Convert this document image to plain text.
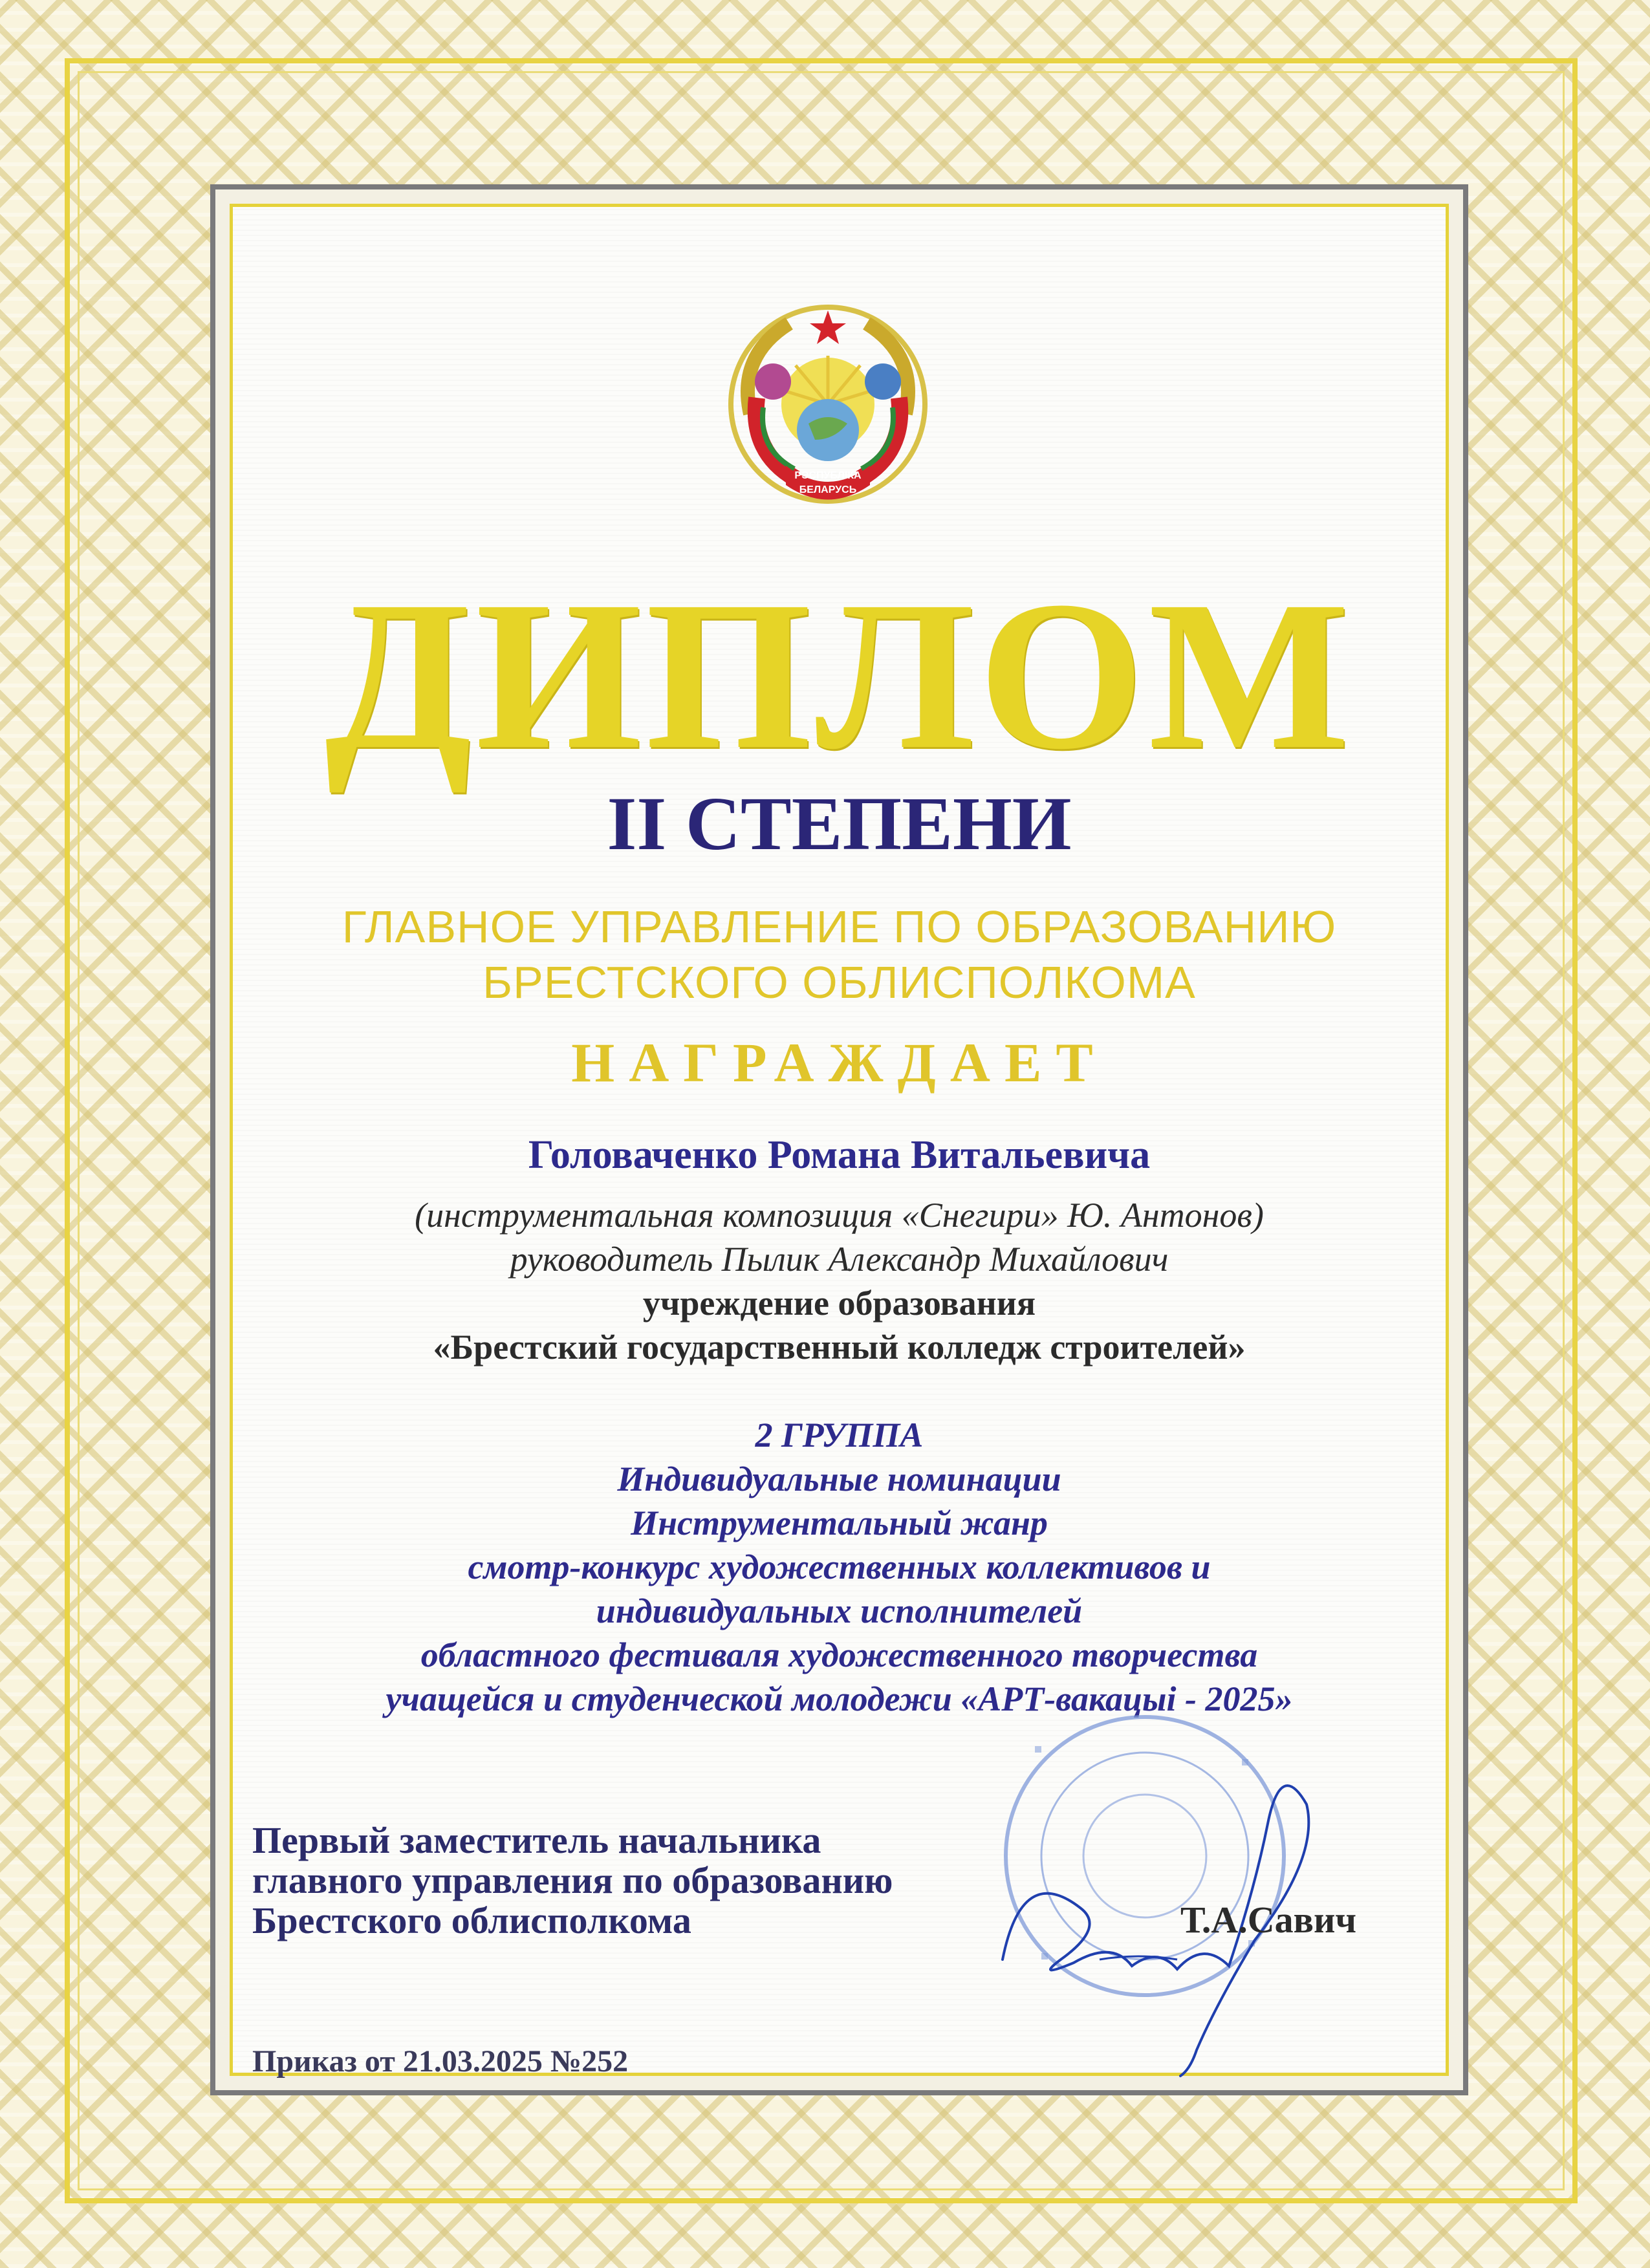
РЭСПУБЛІКА
БЕЛАРУСЬ
ДИПЛОМ
II СТЕПЕНИ
ГЛАВНОЕ УПРАВЛЕНИЕ ПО ОБРАЗОВАНИЮ
БРЕСТСКОГО ОБЛИСПОЛКОМА
НАГРАЖДАЕТ
Головаченко Романа Витальевича
(инструментальная композиция «Снегири» Ю. Антонов)
руководитель Пылик Александр Михайлович
учреждение образования
«Брестский государственный колледж строителей»
2 ГРУППА
Индивидуальные номинации
Инструментальный жанр
смотр-конкурс художественных коллективов и
индивидуальных исполнителей
областного фестиваля художественного творчества
учащейся и студенческой молодежи «АРТ-вакацыі - 2025»
Первый заместитель начальника
главного управления по образованию
Брестского облисполкома	Т.А.Савич
Приказ от 21.03.2025 №252
